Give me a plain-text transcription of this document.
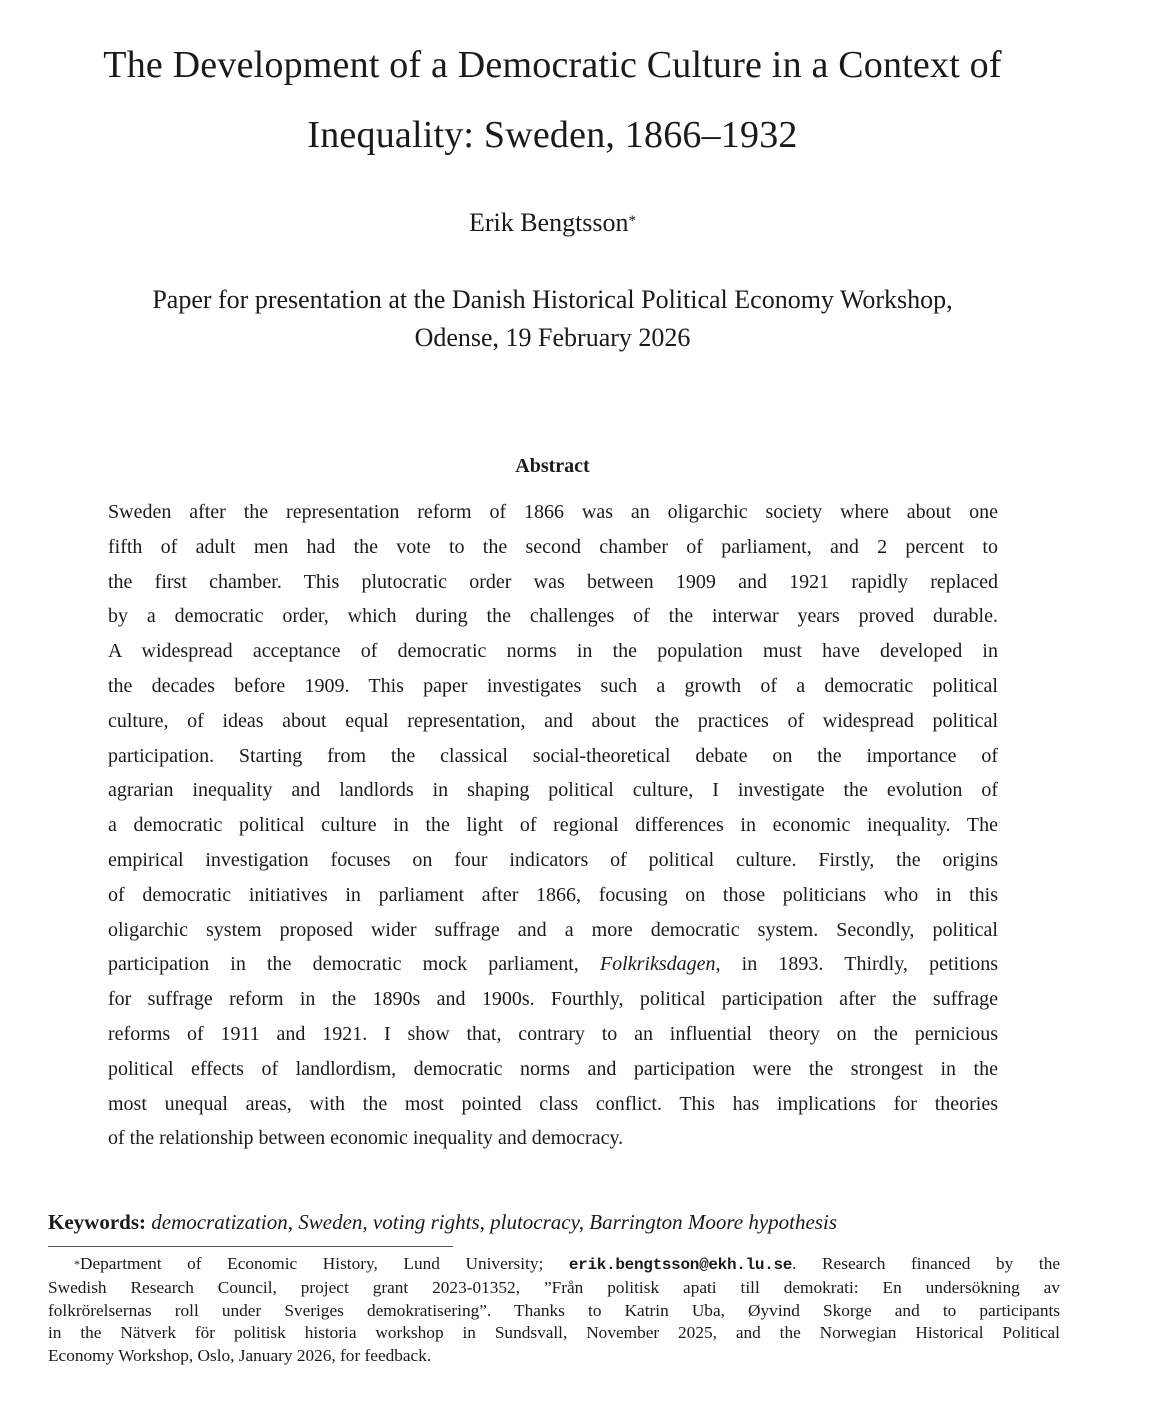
The Development of a Democratic Culture in a Context of
Inequality: Sweden, 1866–1932
Erik Bengtsson*
Paper for presentation at the Danish Historical Political Economy Workshop,
Odense, 19 February 2026
Abstract
Sweden after the representation reform of 1866 was an oligarchic society where about one
fifth of adult men had the vote to the second chamber of parliament, and 2 percent to
the first chamber. This plutocratic order was between 1909 and 1921 rapidly replaced
by a democratic order, which during the challenges of the interwar years proved durable.
A widespread acceptance of democratic norms in the population must have developed in
the decades before 1909. This paper investigates such a growth of a democratic political
culture, of ideas about equal representation, and about the practices of widespread political
participation. Starting from the classical social-theoretical debate on the importance of
agrarian inequality and landlords in shaping political culture, I investigate the evolution of
a democratic political culture in the light of regional differences in economic inequality. The
empirical investigation focuses on four indicators of political culture. Firstly, the origins
of democratic initiatives in parliament after 1866, focusing on those politicians who in this
oligarchic system proposed wider suffrage and a more democratic system. Secondly, political
participation in the democratic mock parliament, Folkriksdagen, in 1893. Thirdly, petitions
for suffrage reform in the 1890s and 1900s. Fourthly, political participation after the suffrage
reforms of 1911 and 1921. I show that, contrary to an influential theory on the pernicious
political effects of landlordism, democratic norms and participation were the strongest in the
most unequal areas, with the most pointed class conflict. This has implications for theories
of the relationship between economic inequality and democracy.
Keywords: democratization, Sweden, voting rights, plutocracy, Barrington Moore hypothesis
*Department of Economic History, Lund University; erik.bengtsson@ekh.lu.se. Research financed by the
Swedish Research Council, project grant 2023-01352, ”Från politisk apati till demokrati: En undersökning av
folkrörelsernas roll under Sveriges demokratisering”. Thanks to Katrin Uba, Øyvind Skorge and to participants
in the Nätverk för politisk historia workshop in Sundsvall, November 2025, and the Norwegian Historical Political
Economy Workshop, Oslo, January 2026, for feedback.
